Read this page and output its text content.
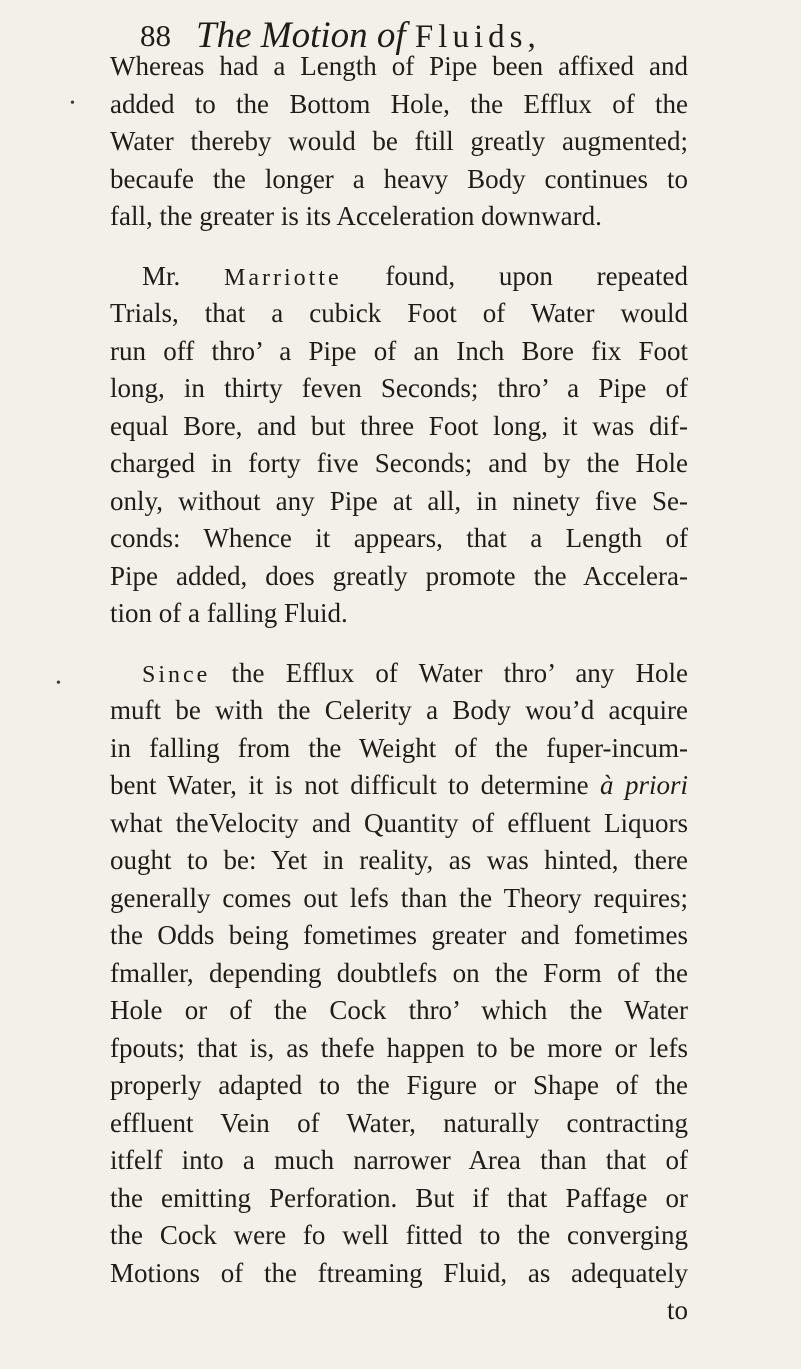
88 The Motion of Fluids,
Whereas had a Length of Pipe been affixed and
added to the Bottom Hole, the Efflux of the
Water thereby would be ftill greatly augmented;
becaufe the longer a heavy Body continues to
fall, the greater is its Acceleration downward.
Mr. Marriotte found, upon repeated
Trials, that a cubick Foot of Water would
run off thro’ a Pipe of an Inch Bore fix Foot
long, in thirty feven Seconds; thro’ a Pipe of
equal Bore, and but three Foot long, it was dif-
charged in forty five Seconds; and by the Hole
only, without any Pipe at all, in ninety five Se-
conds: Whence it appears, that a Length of
Pipe added, does greatly promote the Accelera-
tion of a falling Fluid.
Since the Efflux of Water thro’ any Hole
muft be with the Celerity a Body wou’d acquire
in falling from the Weight of the fuper-incum-
bent Water, it is not difficult to determine à priori
what theVelocity and Quantity of effluent Liquors
ought to be: Yet in reality, as was hinted, there
generally comes out lefs than the Theory requires;
the Odds being fometimes greater and fometimes
fmaller, depending doubtlefs on the Form of the
Hole or of the Cock thro’ which the Water
fpouts; that is, as thefe happen to be more or lefs
properly adapted to the Figure or Shape of the
effluent Vein of Water, naturally contracting
itfelf into a much narrower Area than that of
the emitting Perforation. But if that Paffage or
the Cock were fo well fitted to the converging
Motions of the ftreaming Fluid, as adequately
to
•
•
